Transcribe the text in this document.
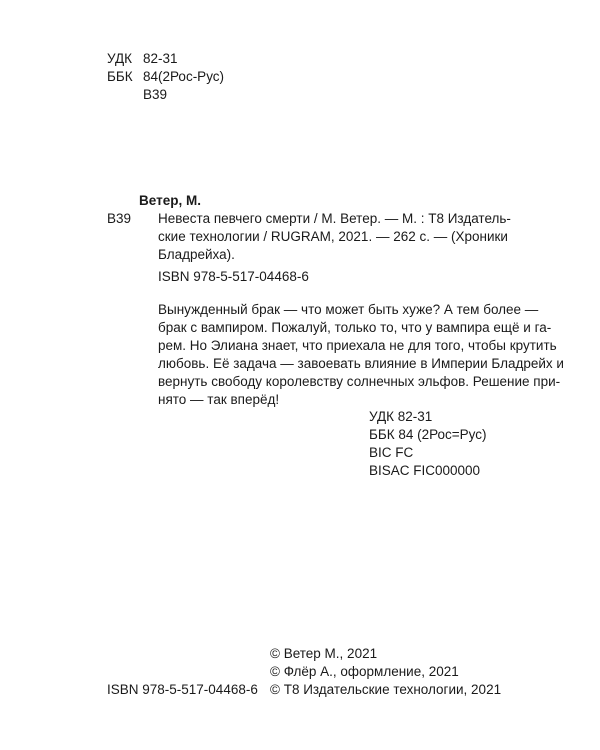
УДК 82-31
ББК 84(2Рос-Рус)
В39
Ветер, М.
В39 Невеста певчего смерти / М. Ветер. — М. : Т8 Издатель-
ские технологии / RUGRAM, 2021. — 262 с. — (Хроники
Бладрейха).
ISBN 978-5-517-04468-6
Вынужденный брак — что может быть хуже? А тем более —
брак с вампиром. Пожалуй, только то, что у вампира ещё и га-
рем. Но Элиана знает, что приехала не для того, чтобы крутить
любовь. Её задача — завоевать влияние в Империи Бладрейх и
вернуть свободу королевству солнечных эльфов. Решение при-
нято — так вперёд!
УДК 82-31
ББК 84 (2Рос=Рус)
BIC FC
BISAC FIC000000
ISBN 978-5-517-04468-6
© Ветер М., 2021
© Флёр А., оформление, 2021
© Т8 Издательские технологии, 2021
